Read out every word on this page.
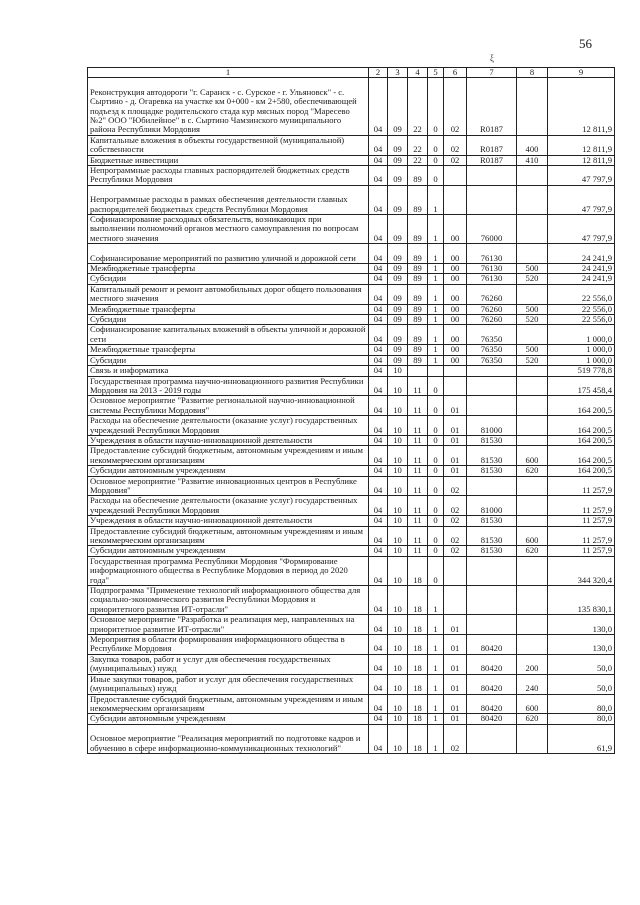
56
ξ
1	2	3	4	5	6	7	8	9
Реконструкция автодороги "г. Саранск - с. Сурское - г. Ульяновск" - с. Сыртино - д. Огаревка на участке км 0+000 - км 2+580, обеспечивающей подъезд к площадке родительского стада кур мясных пород "Маресево №2" ООО "Юбилейное" в с. Сыртино Чамзинского муниципального района Республики Мордовия	04	09	22	0	02	R0187		12 811,9
Капитальные вложения в объекты государственной (муниципальной) собственности	04	09	22	0	02	R0187	400	12 811,9
Бюджетные инвестиции	04	09	22	0	02	R0187	410	12 811,9
Непрограммные расходы главных распорядителей бюджетных средств Республики Мордовия	04	09	89	0				47 797,9
Непрограммные расходы в рамках обеспечения деятельности главных распорядителей бюджетных средств Республики Мордовия	04	09	89	1				47 797,9
Софинансирование расходных обязательств, возникающих при выполнении полномочий органов местного самоуправления по вопросам местного значения	04	09	89	1	00	76000		47 797,9
Софинансирование мероприятий по развитию уличной и дорожной сети	04	09	89	1	00	76130		24 241,9
Межбюджетные трансферты	04	09	89	1	00	76130	500	24 241,9
Субсидии	04	09	89	1	00	76130	520	24 241,9
Капитальный ремонт и ремонт автомобильных дорог общего пользования местного значения	04	09	89	1	00	76260		22 556,0
Межбюджетные трансферты	04	09	89	1	00	76260	500	22 556,0
Субсидии	04	09	89	1	00	76260	520	22 556,0
Софинансирование капитальных вложений в объекты уличной и дорожной сети	04	09	89	1	00	76350		1 000,0
Межбюджетные трансферты	04	09	89	1	00	76350	500	1 000,0
Субсидии	04	09	89	1	00	76350	520	1 000,0
Связь и информатика	04	10						519 778,8
Государственная программа научно-инновационного развития Республики Мордовия на 2013 - 2019 годы	04	10	11	0				175 458,4
Основное мероприятие "Развитие региональной научно-инновационной системы Республики Мордовия"	04	10	11	0	01			164 200,5
Расходы на обеспечение деятельности (оказание услуг) государственных учреждений Республики Мордовия	04	10	11	0	01	81000		164 200,5
Учреждения в области научно-инновационной деятельности	04	10	11	0	01	81530		164 200,5
Предоставление субсидий бюджетным, автономным учреждениям и иным некоммерческим организациям	04	10	11	0	01	81530	600	164 200,5
Субсидии автономным учреждениям	04	10	11	0	01	81530	620	164 200,5
Основное мероприятие "Развитие инновационных центров в Республике Мордовия"	04	10	11	0	02			11 257,9
Расходы на обеспечение деятельности (оказание услуг) государственных учреждений Республики Мордовия	04	10	11	0	02	81000		11 257,9
Учреждения в области научно-инновационной деятельности	04	10	11	0	02	81530		11 257,9
Предоставление субсидий бюджетным, автономным учреждениям и иным некоммерческим организациям	04	10	11	0	02	81530	600	11 257,9
Субсидии автономным учреждениям	04	10	11	0	02	81530	620	11 257,9
Государственная программа Республики Мордовия "Формирование информационного общества в Республике Мордовия в период до 2020 года"	04	10	18	0				344 320,4
Подпрограмма "Применение технологий информационного общества для социально-экономического развития Республики Мордовия и приоритетного развития ИТ-отрасли"	04	10	18	1				135 830,1
Основное мероприятие "Разработка и реализация мер, направленных на приоритетное развитие ИТ-отрасли"	04	10	18	1	01			130,0
Мероприятия в области формирования информационного общества в Республике Мордовия	04	10	18	1	01	80420		130,0
Закупка товаров, работ и услуг для обеспечения государственных (муниципальных) нужд	04	10	18	1	01	80420	200	50,0
Иные закупки товаров, работ и услуг для обеспечения государственных (муниципальных) нужд	04	10	18	1	01	80420	240	50,0
Предоставление субсидий бюджетным, автономным учреждениям и иным некоммерческим организациям	04	10	18	1	01	80420	600	80,0
Субсидии автономным учреждениям	04	10	18	1	01	80420	620	80,0
Основное мероприятие "Реализация мероприятий по подготовке кадров и обучению в сфере информационно-коммуникационных технологий"	04	10	18	1	02			61,9
